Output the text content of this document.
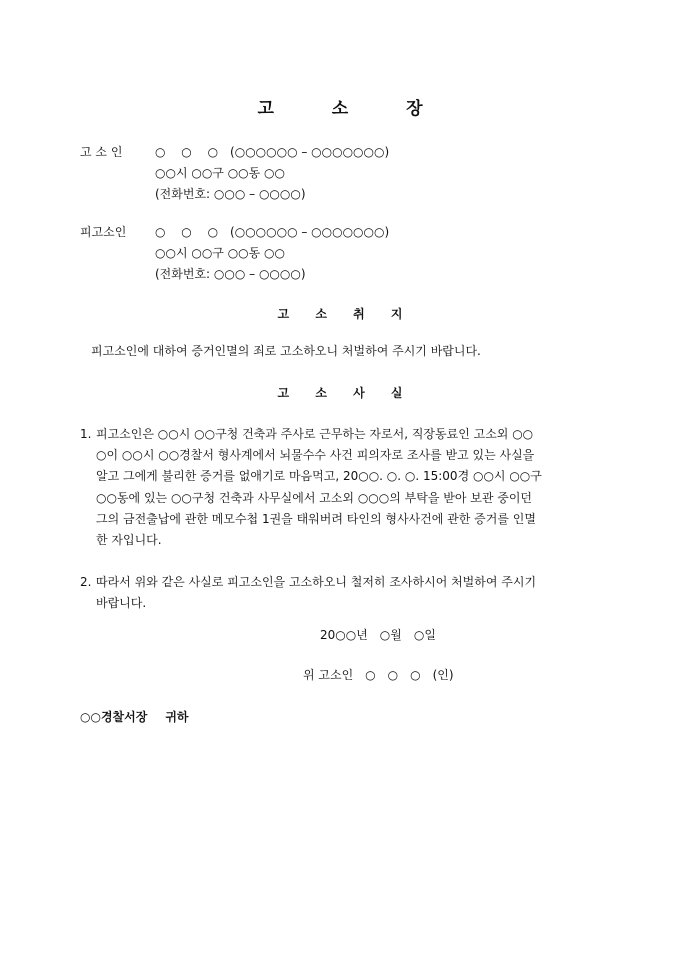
고 소 장
고 소 인	○　 ○　 ○　(○○○○○○ – ○○○○○○○)
○○시 ○○구 ○○동 ○○
(전화번호: ○○○ – ○○○○)
피고소인	○　 ○　 ○　(○○○○○○ – ○○○○○○○)
○○시 ○○구 ○○동 ○○
(전화번호: ○○○ – ○○○○)
고 소 취 지
피고소인에 대하여 증거인멸의 죄로 고소하오니 처벌하여 주시기 바랍니다.
고 소 사 실
1. 피고소인은 ○○시 ○○구청 건축과 주사로 근무하는 자로서, 직장동료인 고소외 ○○
○이 ○○시 ○○경찰서 형사계에서 뇌물수수 사건 피의자로 조사를 받고 있는 사실을
알고 그에게 불리한 증거를 없애기로 마음먹고, 20○○. ○. ○. 15:00경 ○○시 ○○구
○○동에 있는 ○○구청 건축과 사무실에서 고소외 ○○○의 부탁을 받아 보관 중이던
그의 금전출납에 관한 메모수첩 1권을 태워버려 타인의 형사사건에 관한 증거를 인멸
한 자입니다.
2. 따라서 위와 같은 사실로 피고소인을 고소하오니 철저히 조사하시어 처벌하여 주시기
바랍니다.
20○○년　○월　○일
위 고소인　○　○　○　(인)
○○경찰서장 귀하
